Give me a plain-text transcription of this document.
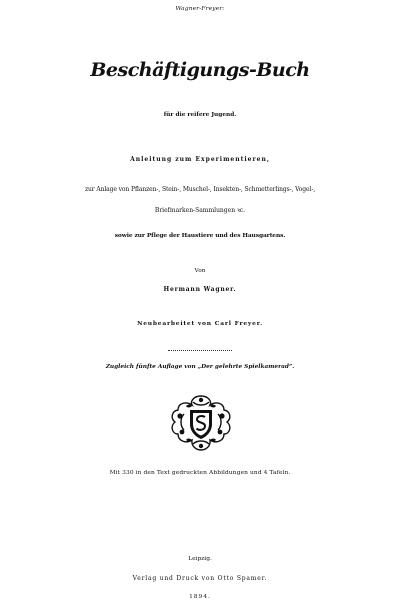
Wagner-Freyer:

Beschäftigungs-Buch

für die reifere Jugend.

Anleitung zum Experimentieren,

zur Anlage von Pflanzen-, Stein-, Muschel-, Insekten-, Schmetterlings-, Vogel-,

Briefmarken-Sammlungen ꝛc.

sowie zur Pflege der Haustiere und des Hausgartens.

Von

Hermann Wagner.

Neubearbeitet von Carl Freyer.

Zugleich fünfte Auflage von „Der gelehrte Spielkamerad“.

Mit 330 in den Text gedruckten Abbildungen und 4 Tafeln.

Leipzig.

Verlag und Druck von Otto Spamer.

1894.
